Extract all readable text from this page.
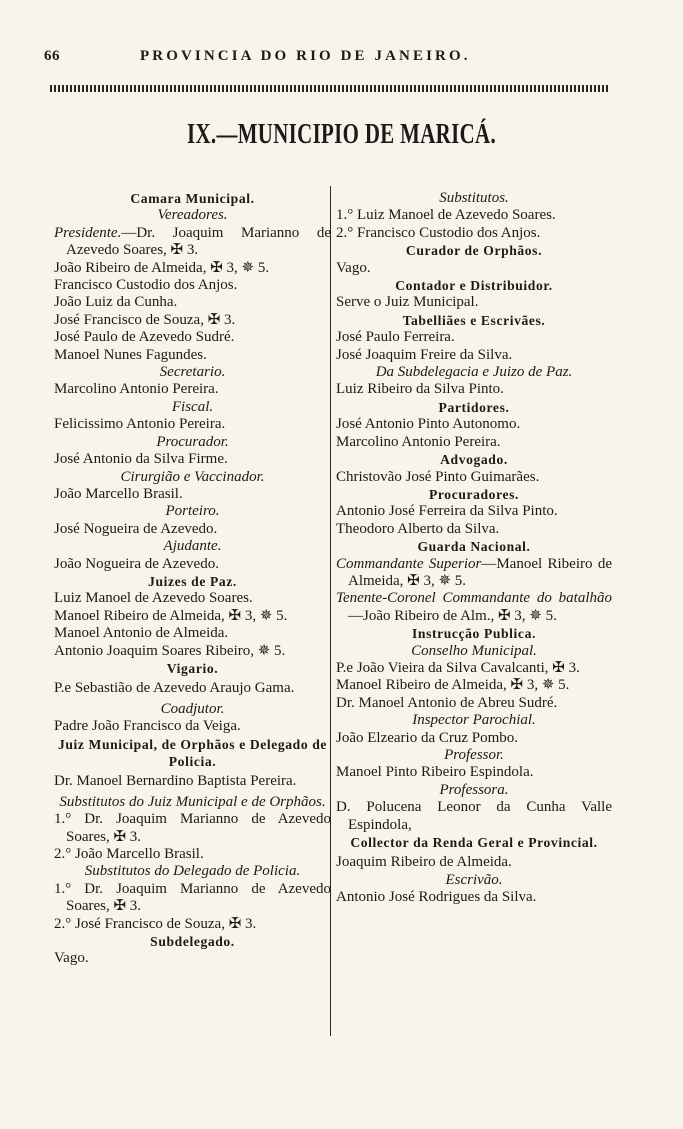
66	PROVINCIA DO RIO DE JANEIRO.
IX.—MUNICIPIO DE MARICÁ.
Camara Municipal.
Vereadores.
Presidente.—Dr. Joaquim Marianno de Azevedo Soares, ✠ 3.
João Ribeiro de Almeida, ✠ 3, ✵ 5.
Francisco Custodio dos Anjos.
João Luiz da Cunha.
José Francisco de Souza, ✠ 3.
José Paulo de Azevedo Sudré.
Manoel Nunes Fagundes.
Secretario.
Marcolino Antonio Pereira.
Fiscal.
Felicissimo Antonio Pereira.
Procurador.
José Antonio da Silva Firme.
Cirurgião e Vaccinador.
João Marcello Brasil.
Porteiro.
José Nogueira de Azevedo.
Ajudante.
João Nogueira de Azevedo.
Juizes de Paz.
Luiz Manoel de Azevedo Soares.
Manoel Ribeiro de Almeida, ✠ 3, ✵ 5.
Manoel Antonio de Almeida.
Antonio Joaquim Soares Ribeiro, ✵ 5.
Vigario.
P.e Sebastião de Azevedo Araujo Gama.
Coadjutor.
Padre João Francisco da Veiga.
Juiz Municipal, de Orphãos e Delegado de Policia.
Dr. Manoel Bernardino Baptista Pereira.
Substitutos do Juiz Municipal e de Orphãos.
1.° Dr. Joaquim Marianno de Azevedo Soares, ✠ 3.
2.° João Marcello Brasil.
Substitutos do Delegado de Policia.
1.° Dr. Joaquim Marianno de Azevedo Soares, ✠ 3.
2.° José Francisco de Souza, ✠ 3.
Subdelegado.
Vago.
Substitutos.
1.° Luiz Manoel de Azevedo Soares.
2.° Francisco Custodio dos Anjos.
Curador de Orphãos.
Vago.
Contador e Distribuidor.
Serve o Juiz Municipal.
Tabelliães e Escrivães.
José Paulo Ferreira.
José Joaquim Freire da Silva.
Da Subdelegacia e Juizo de Paz.
Luiz Ribeiro da Silva Pinto.
Partidores.
José Antonio Pinto Autonomo.
Marcolino Antonio Pereira.
Advogado.
Christovão José Pinto Guimarães.
Procuradores.
Antonio José Ferreira da Silva Pinto.
Theodoro Alberto da Silva.
Guarda Nacional.
Commandante Superior—Manoel Ribeiro de Almeida, ✠ 3, ✵ 5.
Tenente-Coronel Commandante do batalhão—João Ribeiro de Alm., ✠ 3, ✵ 5.
Instrucção Publica.
Conselho Municipal.
P.e João Vieira da Silva Cavalcanti, ✠ 3.
Manoel Ribeiro de Almeida, ✠ 3, ✵ 5.
Dr. Manoel Antonio de Abreu Sudré.
Inspector Parochial.
João Elzeario da Cruz Pombo.
Professor.
Manoel Pinto Ribeiro Espindola.
Professora.
D. Polucena Leonor da Cunha Valle Espindola,
Collector da Renda Geral e Provincial.
Joaquim Ribeiro de Almeida.
Escrivão.
Antonio José Rodrigues da Silva.
